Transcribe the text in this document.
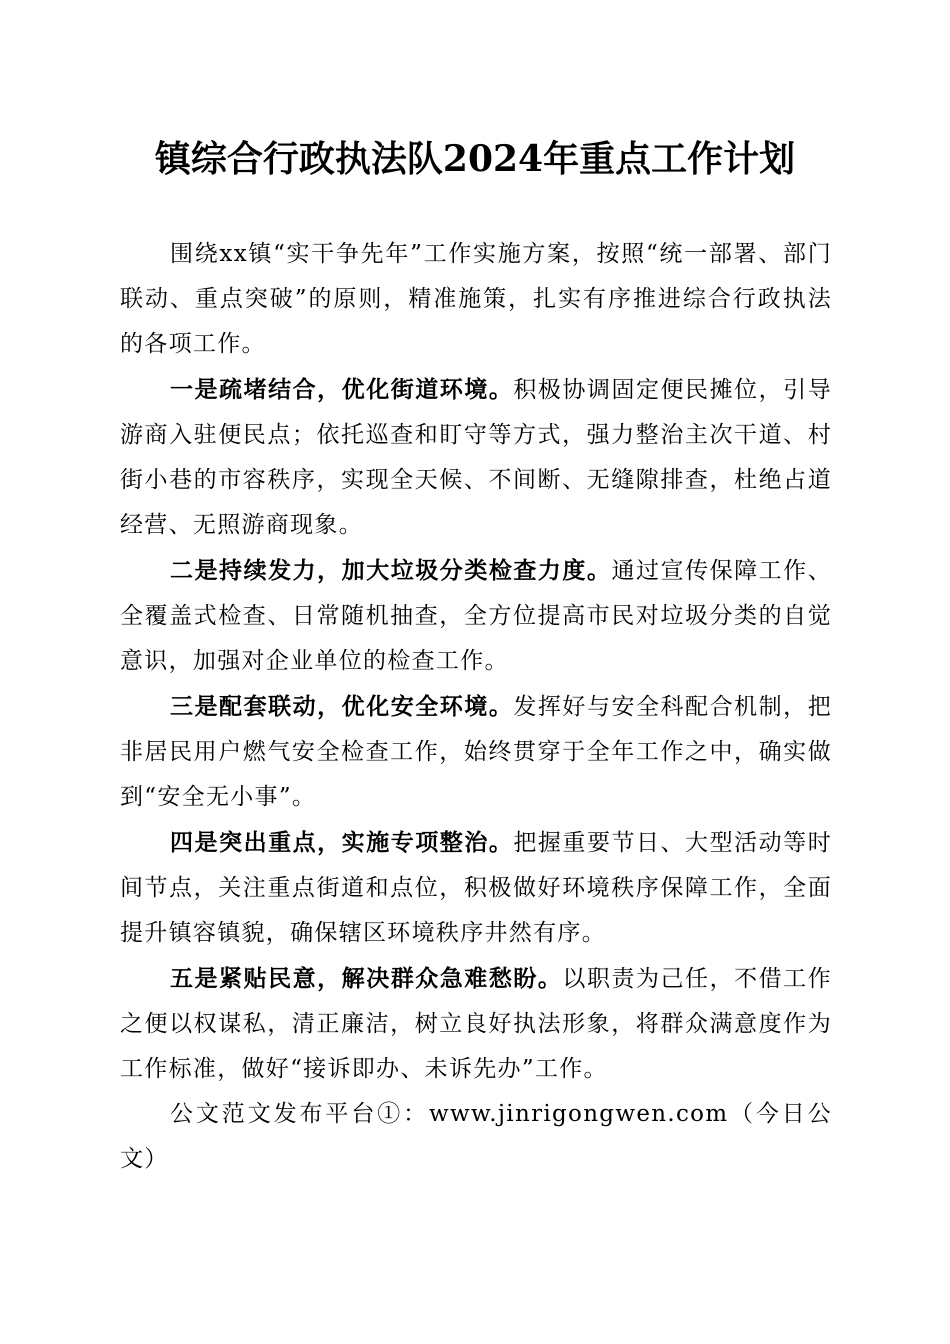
镇综合行政执法队2024年重点工作计划

围绕xx镇“实干争先年”工作实施方案，按照“统一部署、部门联动、重点突破”的原则，精准施策，扎实有序推进综合行政执法的各项工作。

一是疏堵结合，优化街道环境。积极协调固定便民摊位，引导游商入驻便民点；依托巡查和盯守等方式，强力整治主次干道、村街小巷的市容秩序，实现全天候、不间断、无缝隙排查，杜绝占道经营、无照游商现象。

二是持续发力，加大垃圾分类检查力度。通过宣传保障工作、全覆盖式检查、日常随机抽查，全方位提高市民对垃圾分类的自觉意识，加强对企业单位的检查工作。

三是配套联动，优化安全环境。发挥好与安全科配合机制，把非居民用户燃气安全检查工作，始终贯穿于全年工作之中，确实做到“安全无小事”。

四是突出重点，实施专项整治。把握重要节日、大型活动等时间节点，关注重点街道和点位，积极做好环境秩序保障工作，全面提升镇容镇貌，确保辖区环境秩序井然有序。

五是紧贴民意，解决群众急难愁盼。以职责为己任，不借工作之便以权谋私，清正廉洁，树立良好执法形象，将群众满意度作为工作标准，做好“接诉即办、未诉先办”工作。

公文范文发布平台①：www.jinrigongwen.com（今日公文）
